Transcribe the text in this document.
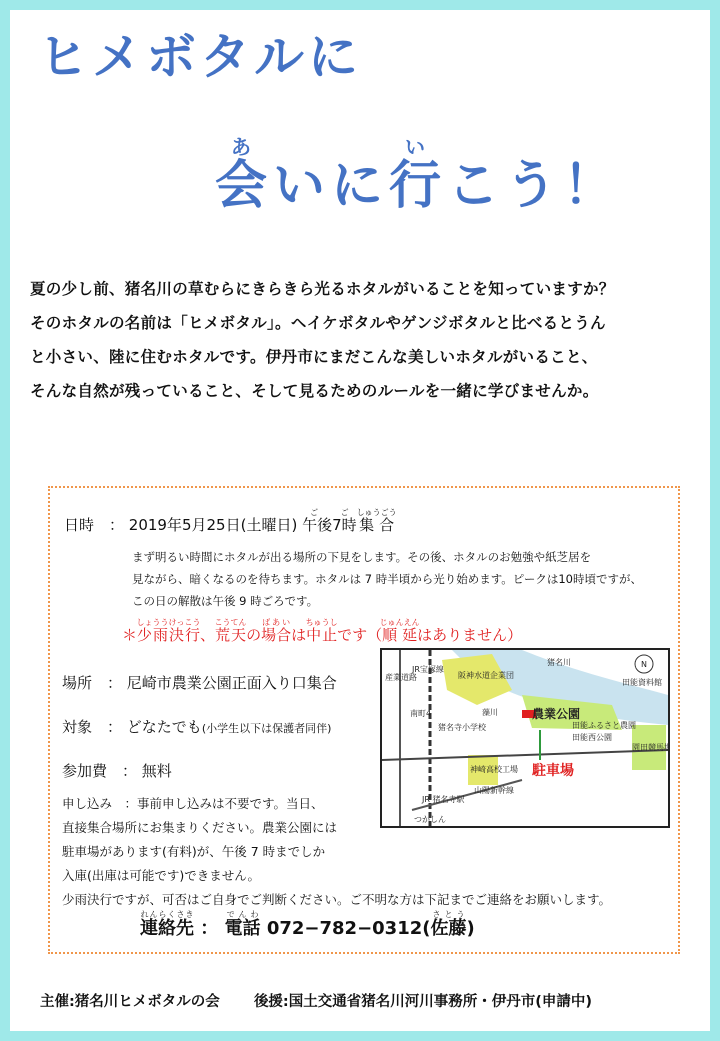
ヒメボタルに
会あいに行いこう！

夏の少し前、猪名川の草むらにきらきら光るホタルがいることを知っていますか？

そのホタルの名前は「ヒメボタル」。ヘイケボタルやゲンジボタルと比べるとうん

と小さい、陸に住むホタルです。伊丹市にまだこんな美しいホタルがいること、

そんな自然が残っていること、そして見るためのルールを一緒に学びませんか。

日時　： 2019年5月25日(土曜日) 午後7時ごご集合しゅうごう

まず明るい時間にホタルが出る場所の下見をします。その後、ホタルのお勉強や紙芝居を

見ながら、暗くなるのを待ちます。ホタルは 7 時半頃から光り始めます。ピークは10時頃ですが、

この日の解散は午後 9 時ごろです。

＊少雨決行しょううけっこう、荒天こうてんの場合ばあいは中止ちゅうしです（順延じゅんえんはありません）
場所　： 尼崎市農業公園正面入り口集合
対象　： どなたでも(小学生以下は保護者同伴)
参加費　： 無料

申し込み　：事前申し込みは不要です。当日、

直接集合場所にお集まりください。農業公園には

駐車場があります(有料)が、午後 7 時までしか

入庫(出庫は可能です)できません。

少雨決行ですが、可否はご自身でご判断ください。ご不明な方は下記までご連絡をお願いします。

産業道路
JR宝塚線
阪神水道企業団
猪名川
農業公園
藻川
南町4
猪名寺小学校
神崎高校工場 駐車場
山陽新幹線
JR 猪名寺駅
つかしん
N
田能資料館
田能西公園
園田競馬場
田能ふるさと農園
連絡先れんらくさき ： 電話でんわ 072−782−0312(佐藤さとう)
主催:猪名川ヒメボタルの会 後援:国土交通省猪名川河川事務所・伊丹市(申請中)
